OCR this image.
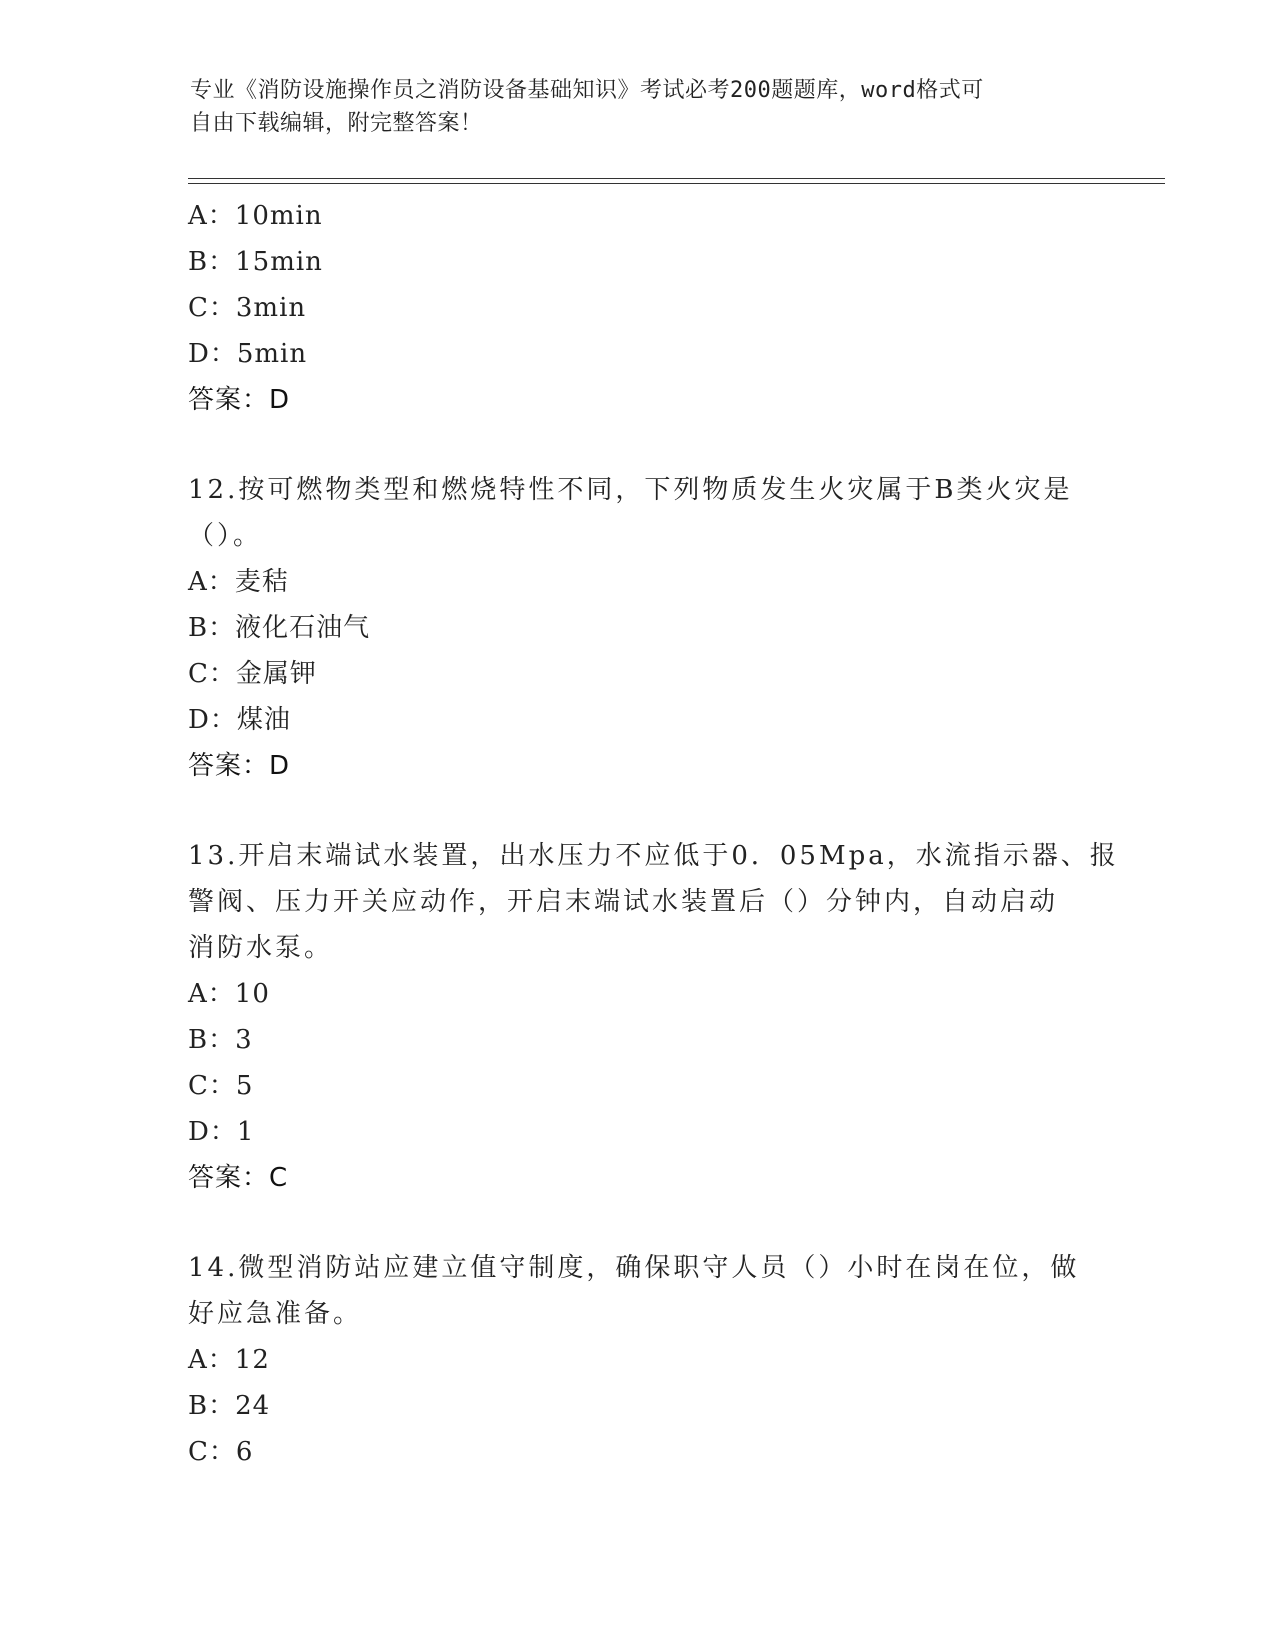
专业《消防设施操作员之消防设备基础知识》考试必考200题题库，word格式可
自由下载编辑，附完整答案！
A：10min
B：15min
C：3min
D：5min
答案：D
12.按可燃物类型和燃烧特性不同，下列物质发生火灾属于B类火灾是
（）。
A：麦秸
B：液化石油气
C：金属钾
D：煤油
答案：D
13.开启末端试水装置，出水压力不应低于0．05Mpa，水流指示器、报
警阀、压力开关应动作，开启末端试水装置后（）分钟内，自动启动
消防水泵。
A：10
B：3
C：5
D：1
答案：C
14.微型消防站应建立值守制度，确保职守人员（）小时在岗在位，做
好应急准备。
A：12
B：24
C：6
